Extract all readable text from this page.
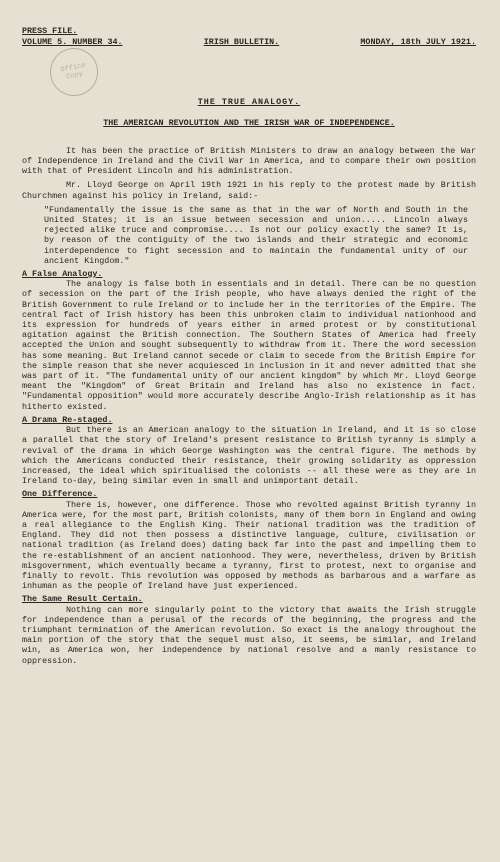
Office Copy
PRESS FILE.
VOLUME 5. NUMBER 34.	IRISH BULLETIN.	MONDAY, 18th JULY 1921.
THE TRUE ANALOGY.
THE AMERICAN REVOLUTION AND THE IRISH WAR OF INDEPENDENCE.

It has been the practice of British Ministers to draw an analogy between the War of Independence in Ireland and the Civil War in America, and to compare their own position with that of President Lincoln and his administration.

Mr. Lloyd George on April 19th 1921 in his reply to the protest made by British Churchmen against his policy in Ireland, said:-

"Fundamentally the issue is the same as that in the war of North and South in the United States; it is an issue between secession and union..... Lincoln always rejected alike truce and compromise.... Is not our policy exactly the same? It is, by reason of the contiguity of the two islands and their strategic and economic interdependence to fight secession and to maintain the fundamental unity of our ancient Kingdom."

A False Analogy.

The analogy is false both in essentials and in detail. There can be no question of secession on the part of the Irish people, who have always denied the right of the British Government to rule Ireland or to include her in the territories of the Empire. The central fact of Irish history has been this unbroken claim to individual nationhood and its expression for hundreds of years either in armed protest or by constitutional agitation against the British connection. The Southern States of America had freely accepted the Union and sought subsequently to withdraw from it. There the word secession has some meaning. But Ireland cannot secede or claim to secede from the British Empire for the simple reason that she never acquiesced in inclusion in it and never admitted that she was part of it. "The fundamental unity of our ancient kingdom" by which Mr. Lloyd George meant the "Kingdom" of Great Britain and Ireland has also no existence in fact. "Fundamental opposition" would more accurately describe Anglo-Irish relationship as it has hitherto existed.

A Drama Re-staged.

But there is an American analogy to the situation in Ireland, and it is so close a parallel that the story of Ireland's present resistance to British tyranny is simply a revival of the drama in which George Washington was the central figure. The methods by which the Americans conducted their resistance, their growing solidarity as oppression increased, the ideal which spiritualised the colonists -- all these were as they are in Ireland to-day, being similar even in small and unimportant detail.

One Difference.

There is, however, one difference. Those who revolted against British tyranny in America were, for the most part, British colonists, many of them born in England and owing a real allegiance to the English King. Their national tradition was the tradition of England. They did not then possess a distinctive language, culture, civilisation or national tradition (as Ireland does) dating back far into the past and impelling them to the re-establishment of an ancient nationhood. They were, nevertheless, driven by British misgovernment, which eventually became a tyranny, first to protest, next to organise and finally to revolt. This revolution was opposed by methods as barbarous and a warfare as inhuman as the people of Ireland have just experienced.

The Same Result Certain.

Nothing can more singularly point to the victory that awaits the Irish struggle for independence than a perusal of the records of the beginning, the progress and the triumphant termination of the American revolution. So exact is the analogy throughout the main portion of the story that the sequel must also, it seems, be similar, and Ireland win, as America won, her independence by national resolve and a manly resistance to oppression.
